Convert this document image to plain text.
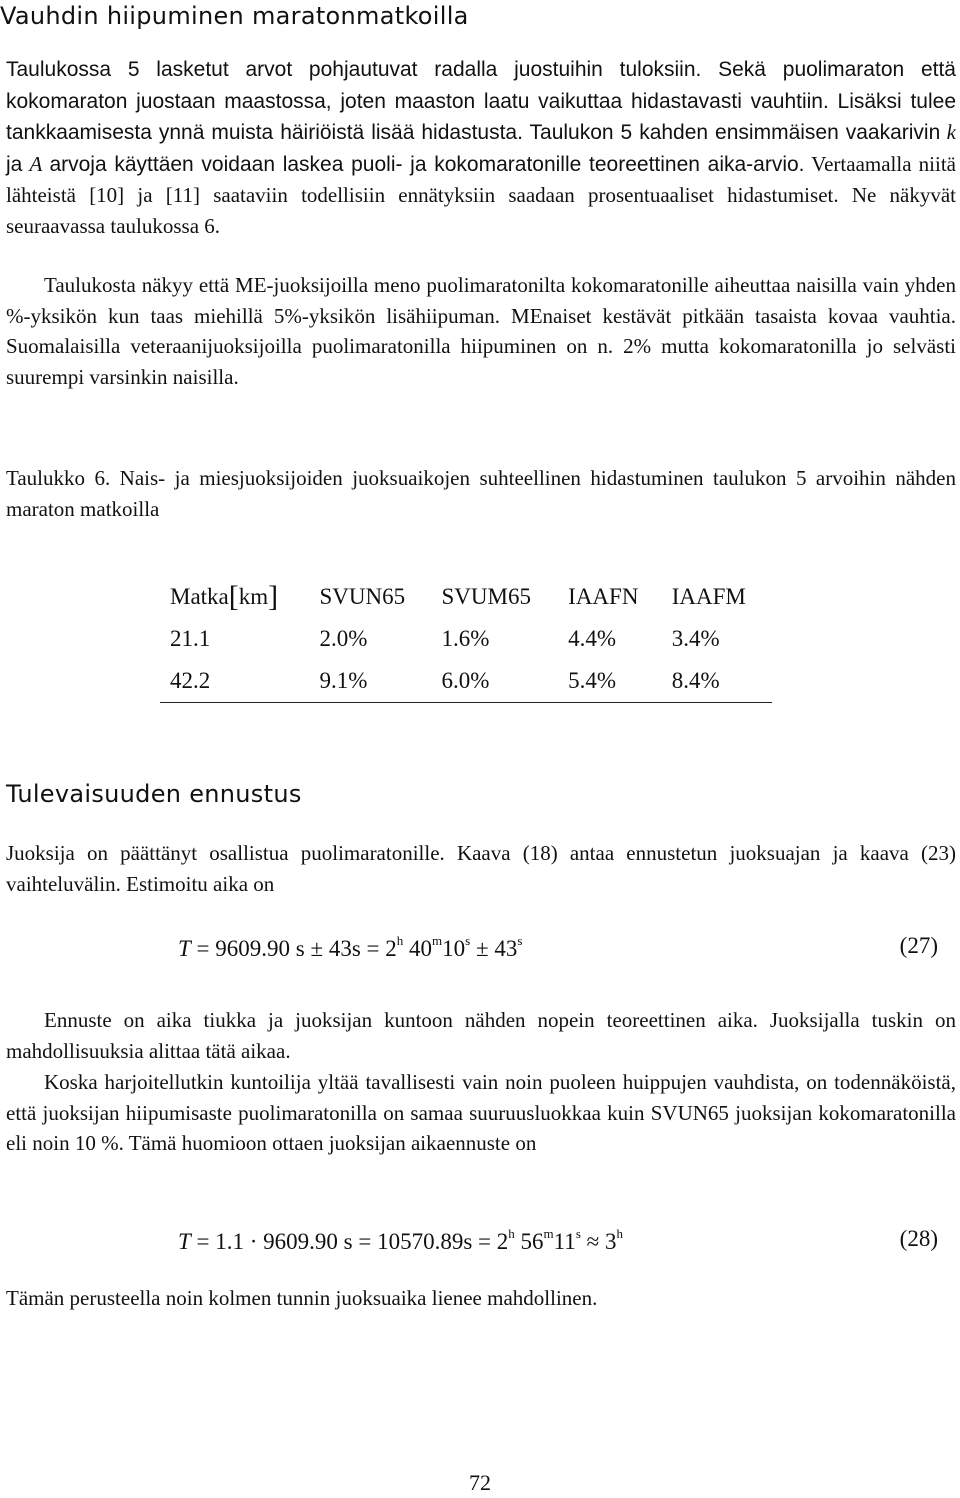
Vauhdin hiipuminen maratonmatkoilla

Taulukossa 5 lasketut arvot pohjautuvat radalla juostuihin tuloksiin. Sekä puolimaraton että kokomaraton juostaan maastossa, joten maaston laatu vaikuttaa hidastavasti vauhtiin. Lisäksi tulee tankkaamisesta ynnä muista häiriöistä lisää hidastusta. Taulukon 5 kahden ensimmäisen vaakarivin k ja A arvoja käyttäen voidaan laskea puoli- ja kokomaratonille teoreettinen aika-arvio. Vertaamalla niitä lähteistä [10] ja [11] saataviin todellisiin ennätyksiin saadaan prosentuaaliset hidastumiset. Ne näkyvät seuraavassa taulukossa 6.

Taulukosta näkyy että ME-juoksijoilla meno puolimaratonilta kokomaratonille aiheuttaa naisilla vain yhden %-yksikön kun taas miehillä 5%-yksikön lisähiipuman. MEnaiset kestävät pitkään tasaista kovaa vauhtia. Suomalaisilla veteraanijuoksijoilla puolimaratonilla hiipuminen on n. 2% mutta kokomaratonilla jo selvästi suurempi varsinkin naisilla.

Taulukko 6. Nais- ja miesjuoksijoiden juoksuaikojen suhteellinen hidastuminen taulukon 5 arvoihin nähden maraton matkoilla

Matka[km]	SVUN65	SVUM65	IAAFN	IAAFM
21.1	2.0%	1.6%	4.4%	3.4%
42.2	9.1%	6.0%	5.4%	8.4%
Tulevaisuuden ennustus

Juoksija on päättänyt osallistua puolimaratonille. Kaava (18) antaa ennustetun juoksuajan ja kaava (23) vaihteluvälin. Estimoitu aika on

T = 9609.90 $s \pm 43s = 2^h$ $40^m10^s \pm 43^s$	(27)

Ennuste on aika tiukka ja juoksijan kuntoon nähden nopein teoreettinen aika. Juoksijalla tuskin on mahdollisuuksia alittaa tätä aikaa.

Koska harjoitellutkin kuntoilija yltää tavallisesti vain noin puoleen huippujen vauhdista, on todennäköistä, että juoksijan hiipumisaste puolimaratonilla on samaa suuruusluokkaa kuin SVUN65 juoksijan kokomaratonilla eli noin 10 %. Tämä huomioon ottaen juoksijan aikaennuste on

T = 1.1 · 9609.90 $s = 10570.89s = 2^h$ $56^m11^s \approx 3^h$	(28)

Tämän perusteella noin kolmen tunnin juoksuaika lienee mahdollinen.

72
